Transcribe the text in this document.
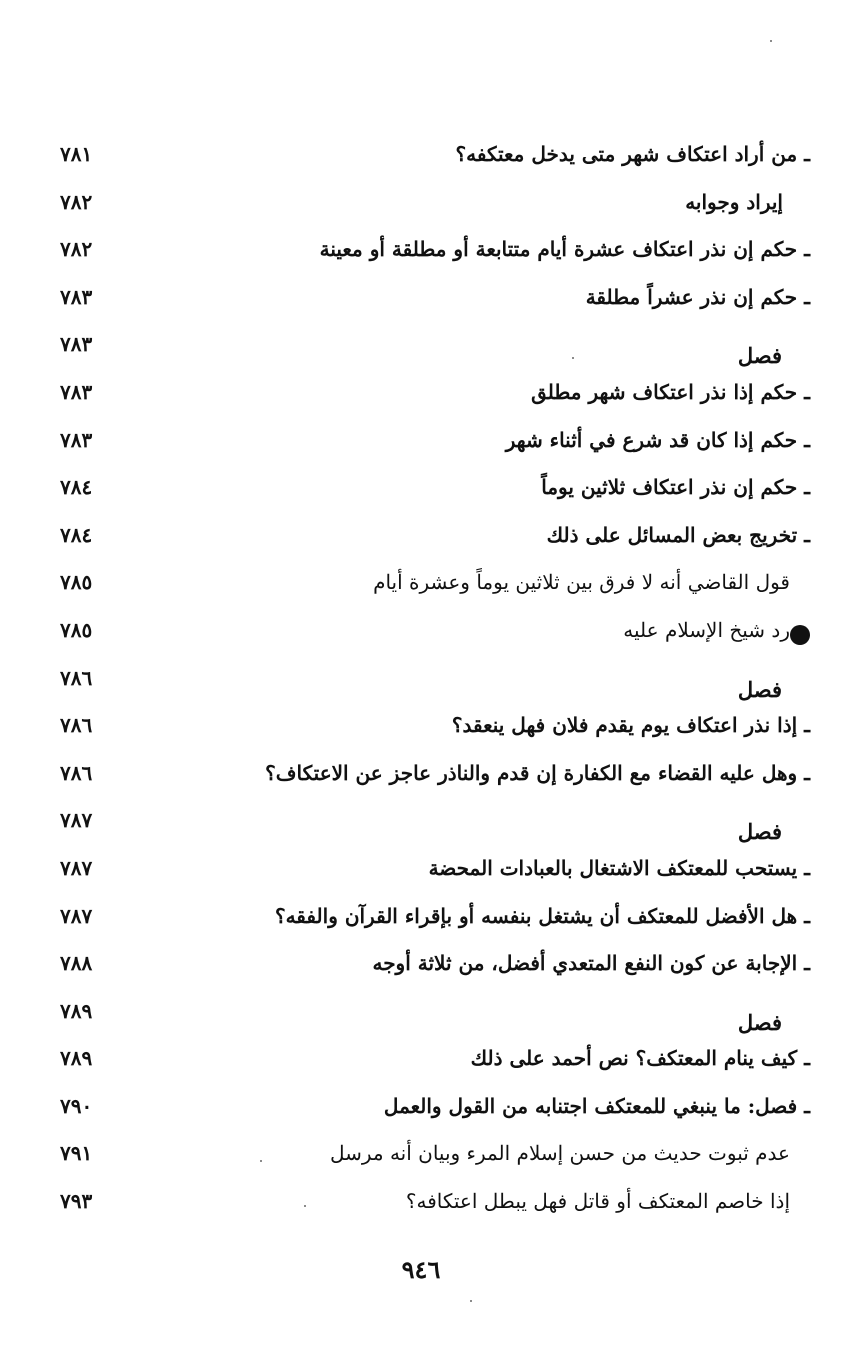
ـ من أراد اعتكاف شهر متى يدخل معتكفه؟
٧٨١
إيراد وجوابه
٧٨٢
ـ حكم إن نذر اعتكاف عشرة أيام متتابعة أو مطلقة أو معينة
٧٨٢
ـ حكم إن نذر عشراً مطلقة
٧٨٣
فصل
٧٨٣
ـ حكم إذا نذر اعتكاف شهر مطلق
٧٨٣
ـ حكم إذا كان قد شرع في أثناء شهر
٧٨٣
ـ حكم إن نذر اعتكاف ثلاثين يوماً
٧٨٤
ـ تخريج بعض المسائل على ذلك
٧٨٤
قول القاضي أنه لا فرق بين ثلاثين يوماً وعشرة أيام
٧٨٥
رد شيخ الإسلام عليه
٧٨٥
فصل
٧٨٦
ـ إذا نذر اعتكاف يوم يقدم فلان فهل ينعقد؟
٧٨٦
ـ وهل عليه القضاء مع الكفارة إن قدم والناذر عاجز عن الاعتكاف؟
٧٨٦
فصل
٧٨٧
ـ يستحب للمعتكف الاشتغال بالعبادات المحضة
٧٨٧
ـ هل الأفضل للمعتكف أن يشتغل بنفسه أو بإقراء القرآن والفقه؟
٧٨٧
ـ الإجابة عن كون النفع المتعدي أفضل، من ثلاثة أوجه
٧٨٨
فصل
٧٨٩
ـ كيف ينام المعتكف؟ نص أحمد على ذلك
٧٨٩
ـ فصل: ما ينبغي للمعتكف اجتنابه من القول والعمل
٧٩٠
عدم ثبوت حديث من حسن إسلام المرء وبيان أنه مرسل
٧٩١
إذا خاصم المعتكف أو قاتل فهل يبطل اعتكافه؟
٧٩٣
٩٤٦
